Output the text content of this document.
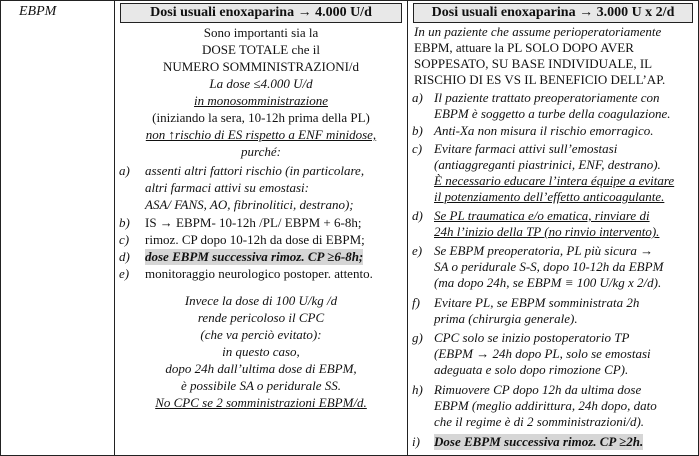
EBPM	Dosi usuali enoxaparina → 4.000 U/d
Sono importanti sia la
DOSE TOTALE che il
NUMERO SOMMINISTRAZIONI/d
La dose ≤4.000 U/d
in monosomministrazione
(iniziando la sera, 10-12h prima della PL)
non ↑rischio di ES rispetto a ENF minidose,
purché:
a) assenti altri fattori rischio (in particolare,
altri farmaci attivi su emostasi:
ASA/ FANS, AO, fibrinolitici, destrano);
b) IS → EBPM- 10-12h /PL/ EBPM + 6-8h;
c) rimoz. CP dopo 10-12h da dose di EBPM;
d) dose EBPM successiva rimoz. CP ≥6-8h;
e) monitoraggio neurologico postoper. attento.
Invece la dose di 100 U/kg /d
rende pericoloso il CPC
(che va perciò evitato):
in questo caso,
dopo 24h dall’ultima dose di EBPM,
è possibile SA o peridurale SS.
No CPC se 2 somministrazioni EBPM/d.
Dosi usuali enoxaparina → 3.000 U x 2/d
In un paziente che assume perioperatoriamente
EBPM, attuare la PL SOLO DOPO AVER
SOPPESATO, SU BASE INDIVIDUALE, IL
RISCHIO DI ES VS IL BENEFICIO DELL’AP.
a) Il paziente trattato preoperatoriamente con
EBPM è soggetto a turbe della coagulazione.
b) Anti-Xa non misura il rischio emorragico.
c) Evitare farmaci attivi sull’emostasi
(antiaggreganti piastrinici, ENF, destrano).
È necessario educare l’intera équipe a evitare
il potenziamento dell’effetto anticoagulante.
d) Se PL traumatica e/o ematica, rinviare di
24h l’inizio della TP (no rinvio intervento).
e) Se EBPM preoperatoria, PL più sicura →
SA o peridurale S-S, dopo 10-12h da EBPM
(ma dopo 24h, se EBPM ≡ 100 U/kg x 2/d).
f) Evitare PL, se EBPM somministrata 2h
prima (chirurgia generale).
g) CPC solo se inizio postoperatorio TP
(EBPM → 24h dopo PL, solo se emostasi
adeguata e solo dopo rimozione CP).
h) Rimuovere CP dopo 12h da ultima dose
EBPM (meglio addirittura, 24h dopo, dato
che il regime è di 2 somministrazioni/d).
i) Dose EBPM successiva rimoz. CP ≥2h.
